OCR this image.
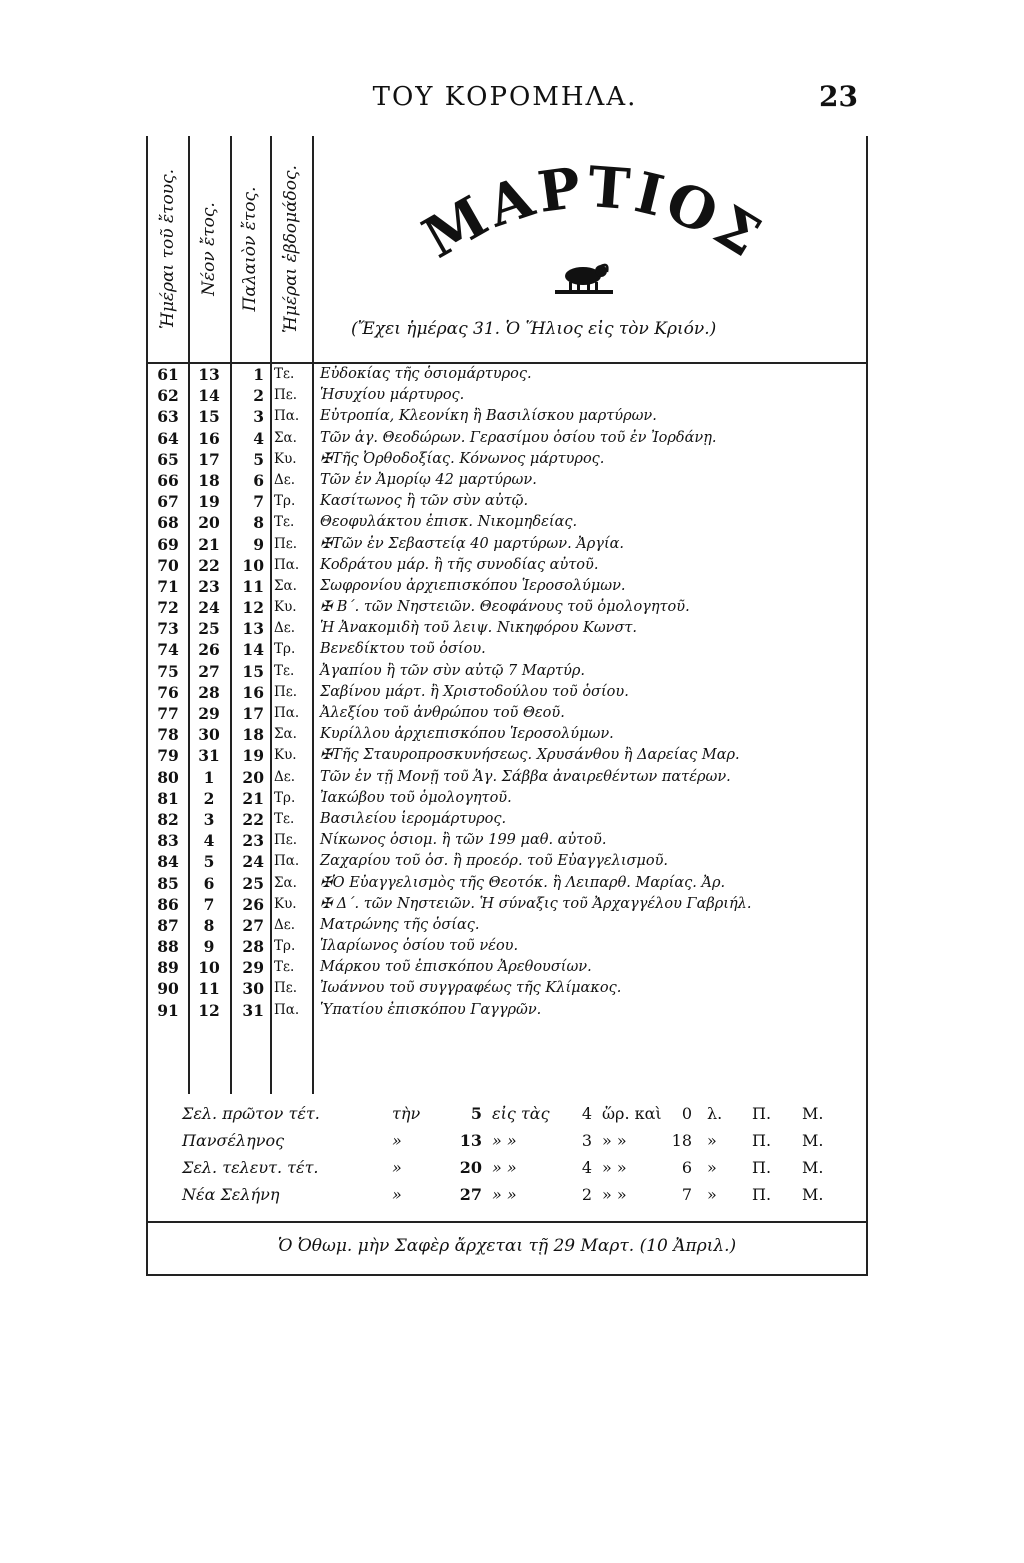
ΤΟΥ ΚΟΡΟΜΗΛΑ.	23
Ἡμέραι τοῦ ἔτους. Νέον ἔτος. Παλαιὸν ἔτος. Ἡμέραι ἑβδομάδος. ΜΑΡΤΙΟΣ
(Ἔχει ἡμέρας 31. Ὁ Ἥλιος εἰς τὸν Κριόν.)
61	13	1 Τε.	Εὐδοκίας τῆς ὁσιομάρτυρος.
62	14	2 Πε.	Ἡσυχίου μάρτυρος.
63	15	3 Πα.	Εὐτροπία, Κλεονίκη ἢ Βασιλίσκου μαρτύρων.
64	16	4 Σα.	Τῶν ἁγ. Θεοδώρων. Γερασίμου ὁσίου τοῦ ἐν Ἰορδάνῃ.
65	17	5 Κυ.	✠Τῆς Ὀρθοδοξίας. Κόνωνος μάρτυρος.
66	18	6 Δε.	Τῶν ἐν Ἀμορίῳ 42 μαρτύρων.
67	19	7 Τρ.	Κασίτωνος ἢ τῶν σὺν αὐτῷ.
68	20	8 Τε.	Θεοφυλάκτου ἐπισκ. Νικομηδείας.
69	21	9 Πε.	✠Τῶν ἐν Σεβαστείᾳ 40 μαρτύρων. Ἀργία.
70	22	10 Πα.	Κοδράτου μάρ. ἢ τῆς συνοδίας αὐτοῦ.
71	23	11 Σα.	Σωφρονίου ἀρχιεπισκόπου Ἱεροσολύμων.
72	24	12 Κυ.	✠ Β΄. τῶν Νηστειῶν. Θεοφάνους τοῦ ὁμολογητοῦ.
73	25	13 Δε.	Ἡ Ἀνακομιδὴ τοῦ λειψ. Νικηφόρου Κωνστ.
74	26	14 Τρ.	Βενεδίκτου τοῦ ὁσίου.
75	27	15 Τε.	Ἀγαπίου ἢ τῶν σὺν αὐτῷ 7 Μαρτύρ.
76	28	16 Πε.	Σαβίνου μάρτ. ἢ Χριστοδούλου τοῦ ὁσίου.
77	29	17 Πα.	Ἀλεξίου τοῦ ἀνθρώπου τοῦ Θεοῦ.
78	30	18 Σα.	Κυρίλλου ἀρχιεπισκόπου Ἱεροσολύμων.
79	31	19 Κυ.	✠Τῆς Σταυροπροσκυνήσεως. Χρυσάνθου ἢ Δαρείας Μαρ.
80	1	20 Δε.	Τῶν ἐν τῇ Μονῇ τοῦ Ἁγ. Σάββα ἀναιρεθέντων πατέρων.
81	2	21 Τρ.	Ἰακώβου τοῦ ὁμολογητοῦ.
82	3	22 Τε.	Βασιλείου ἱερομάρτυρος.
83	4	23 Πε.	Νίκωνος ὁσιομ. ἢ τῶν 199 μαθ. αὐτοῦ.
84	5	24 Πα.	Ζαχαρίου τοῦ ὁσ. ἢ προεόρ. τοῦ Εὐαγγελισμοῦ.
85	6	25 Σα.	✠Ὁ Εὐαγγελισμὸς τῆς Θεοτόκ. ἢ Λειπαρθ. Μαρίας. Ἀρ.
86	7	26 Κυ.	✠ Δ΄. τῶν Νηστειῶν. Ἡ σύναξις τοῦ Ἀρχαγγέλου Γαβριήλ.
87	8	27 Δε.	Ματρώνης τῆς ὁσίας.
88	9	28 Τρ.	Ἱλαρίωνος ὁσίου τοῦ νέου.
89	10	29 Τε.	Μάρκου τοῦ ἐπισκόπου Ἀρεθουσίων.
90	11	30 Πε.	Ἰωάννου τοῦ συγγραφέως τῆς Κλίμακος.
91	12	31 Πα.	Ὑπατίου ἐπισκόπου Γαγγρῶν.
Σελ. πρῶτον τέτ.	τὴν	5 εἰς τὰς	4 ὥρ. καὶ	0 λ. Π. Μ.
Πανσέληνος	»	13 » »	3 » »	18 » Π. Μ.
Σελ. τελευτ. τέτ.	»	20 » »	4 » »	6 » Π. Μ.
Νέα Σελήνη	»	27 » »	2 » »	7 » Π. Μ.
Ὁ Ὀθωμ. μὴν Σαφὲρ ἄρχεται τῇ 29 Μαρτ. (10 Ἀπριλ.)
